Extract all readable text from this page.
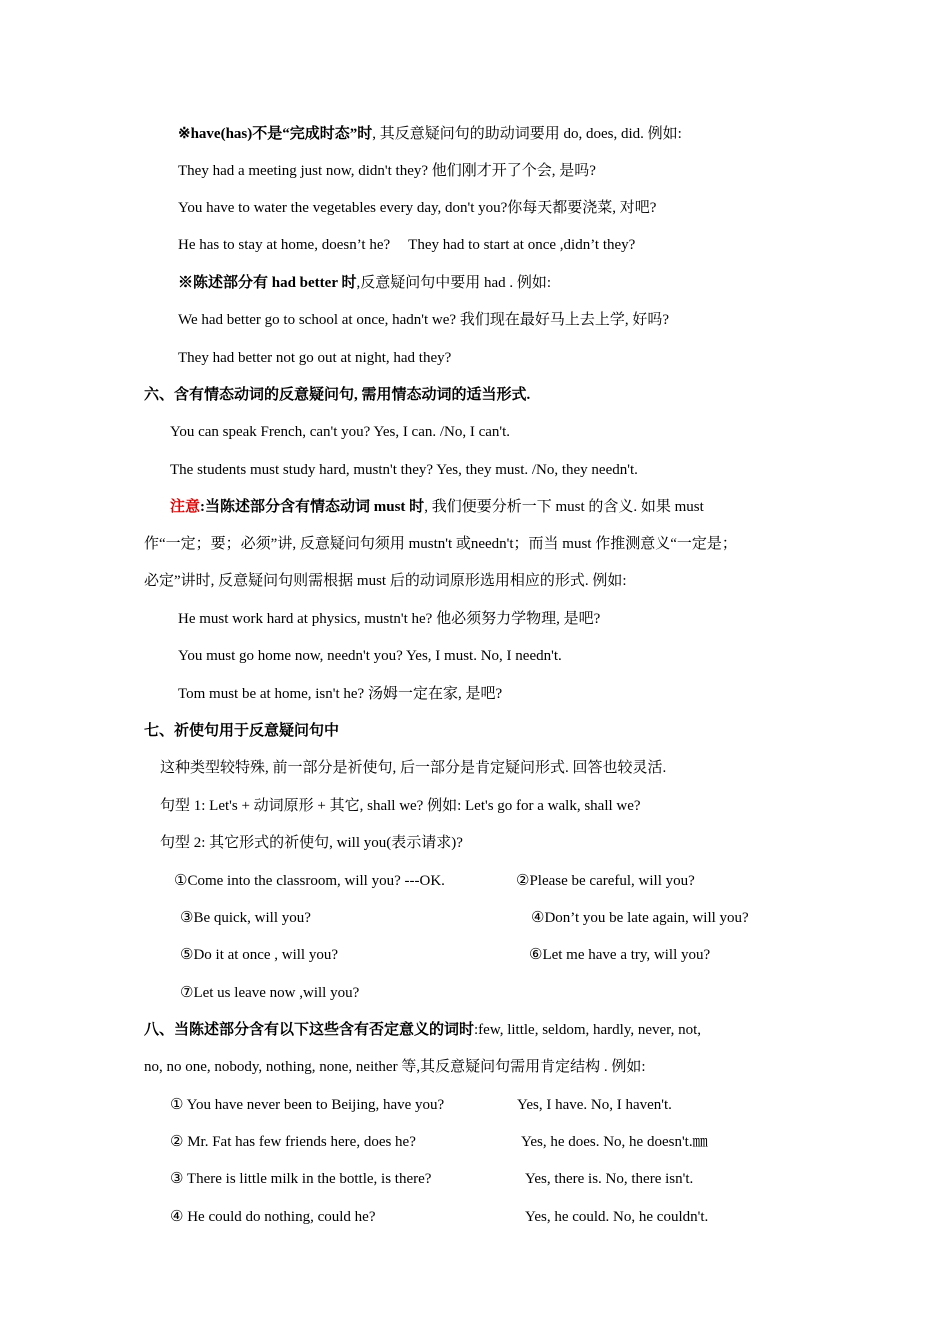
※have(has)不是“完成时态”时, 其反意疑问句的助动词要用 do, does, did. 例如:
They had a meeting just now, didn't they? 他们刚才开了个会, 是吗?
You have to water the vegetables every day, don't you?你每天都要浇菜, 对吧?
He has to stay at home, doesn’t he? They had to start at once ,didn’t they?
※陈述部分有 had better 时,反意疑问句中要用 had . 例如:
We had better go to school at once, hadn't we? 我们现在最好马上去上学, 好吗?
They had better not go out at night, had they?
六、含有情态动词的反意疑问句, 需用情态动词的适当形式.
You can speak French, can't you? Yes, I can. /No, I can't.
The students must study hard, mustn't they? Yes, they must. /No, they needn't.
注意:当陈述部分含有情态动词 must 时, 我们便要分析一下 must 的含义. 如果 must
作“一定；要；必须”讲, 反意疑问句须用 mustn't 或needn't；而当 must 作推测意义“一定是；
必定”讲时, 反意疑问句则需根据 must 后的动词原形选用相应的形式. 例如:
He must work hard at physics, mustn't he? 他必须努力学物理, 是吧?
You must go home now, needn't you? Yes, I must. No, I needn't.
Tom must be at home, isn't he? 汤姆一定在家, 是吧?
七、祈使句用于反意疑问句中
这种类型较特殊, 前一部分是祈使句, 后一部分是肯定疑问形式. 回答也较灵活.
句型 1: Let's + 动词原形 + 其它, shall we? 例如: Let's go for a walk, shall we?
句型 2: 其它形式的祈使句, will you(表示请求)?
①Come into the classroom, will you? ---OK.	②Please be careful, will you?
③Be quick, will you?	④Don’t you be late again, will you?
⑤Do it at once , will you?	⑥Let me have a try, will you?
⑦Let us leave now ,will you?
八、当陈述部分含有以下这些含有否定意义的词时:few, little, seldom, hardly, never, not,
no, no one, nobody, nothing, none, neither 等,其反意疑问句需用肯定结构 . 例如:
① You have never been to Beijing, have you?	Yes, I have. No, I haven't.
② Mr. Fat has few friends here, does he?	Yes, he does. No, he doesn't.㎜
③ There is little milk in the bottle, is there?	Yes, there is. No, there isn't.
④ He could do nothing, could he?	Yes, he could. No, he couldn't.
